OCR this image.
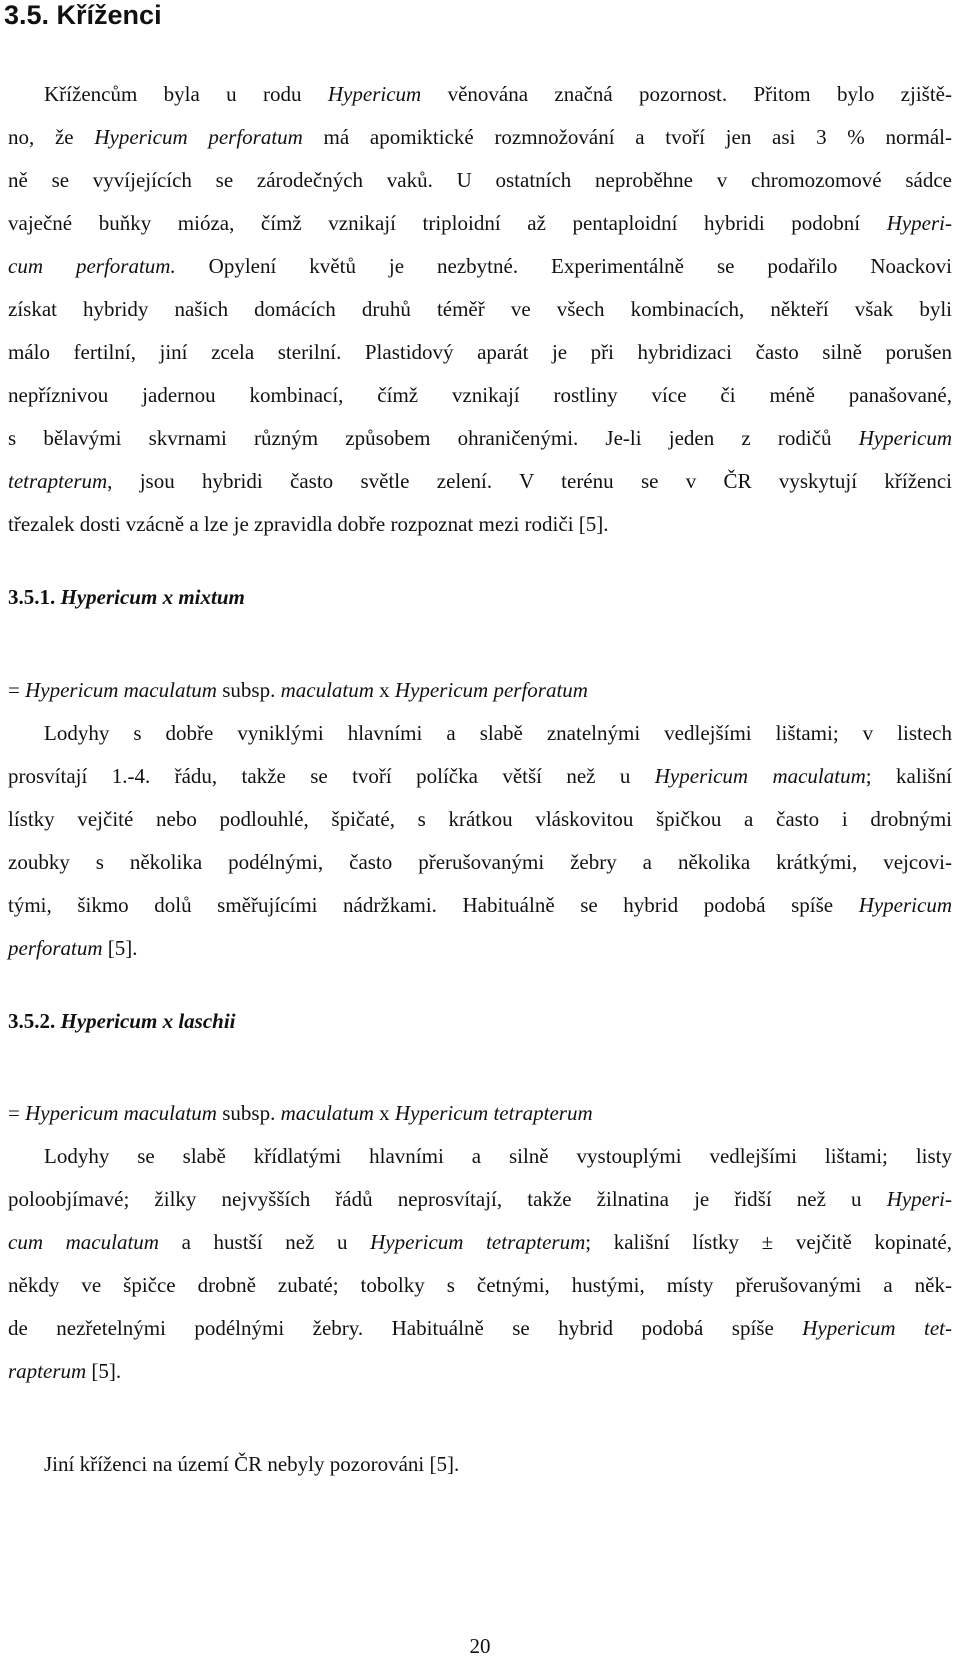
3.5. Kříženci
Křížencům byla u rodu Hypericum věnována značná pozornost. Přitom bylo zjiště-
no, že Hypericum perforatum má apomiktické rozmnožování a tvoří jen asi 3 % normál-
ně se vyvíjejících se zárodečných vaků. U ostatních neproběhne v chromozomové sádce
vaječné buňky mióza, čímž vznikají triploidní až pentaploidní hybridi podobní Hyperi-
cum perforatum. Opylení květů je nezbytné. Experimentálně se podařilo Noackovi
získat hybridy našich domácích druhů téměř ve všech kombinacích, někteří však byli
málo fertilní, jiní zcela sterilní. Plastidový aparát je při hybridizaci často silně porušen
nepříznivou jadernou kombinací, čímž vznikají rostliny více či méně panašované,
s bělavými skvrnami různým způsobem ohraničenými. Je-li jeden z rodičů Hypericum
tetrapterum, jsou hybridi často světle zelení. V terénu se v ČR vyskytují kříženci
třezalek dosti vzácně a lze je zpravidla dobře rozpoznat mezi rodiči [5].
3.5.1. Hypericum x mixtum
= Hypericum maculatum subsp. maculatum x Hypericum perforatum
Lodyhy s dobře vyniklými hlavními a slabě znatelnými vedlejšími lištami; v listech
prosvítají 1.-4. řádu, takže se tvoří políčka větší než u Hypericum maculatum; kališní
lístky vejčité nebo podlouhlé, špičaté, s krátkou vláskovitou špičkou a často i drobnými
zoubky s několika podélnými, často přerušovanými žebry a několika krátkými, vejcovi-
tými, šikmo dolů směřujícími nádržkami. Habituálně se hybrid podobá spíše Hypericum
perforatum [5].
3.5.2. Hypericum x laschii
= Hypericum maculatum subsp. maculatum x Hypericum tetrapterum
Lodyhy se slabě křídlatými hlavními a silně vystouplými vedlejšími lištami; listy
poloobjímavé; žilky nejvyšších řádů neprosvítají, takže žilnatina je řidší než u Hyperi-
cum maculatum a hustší než u Hypericum tetrapterum; kališní lístky ± vejčitě kopinaté,
někdy ve špičce drobně zubaté; tobolky s četnými, hustými, místy přerušovanými a něk-
de nezřetelnými podélnými žebry. Habituálně se hybrid podobá spíše Hypericum tet-
rapterum [5].
Jiní kříženci na území ČR nebyly pozorováni [5].
20
